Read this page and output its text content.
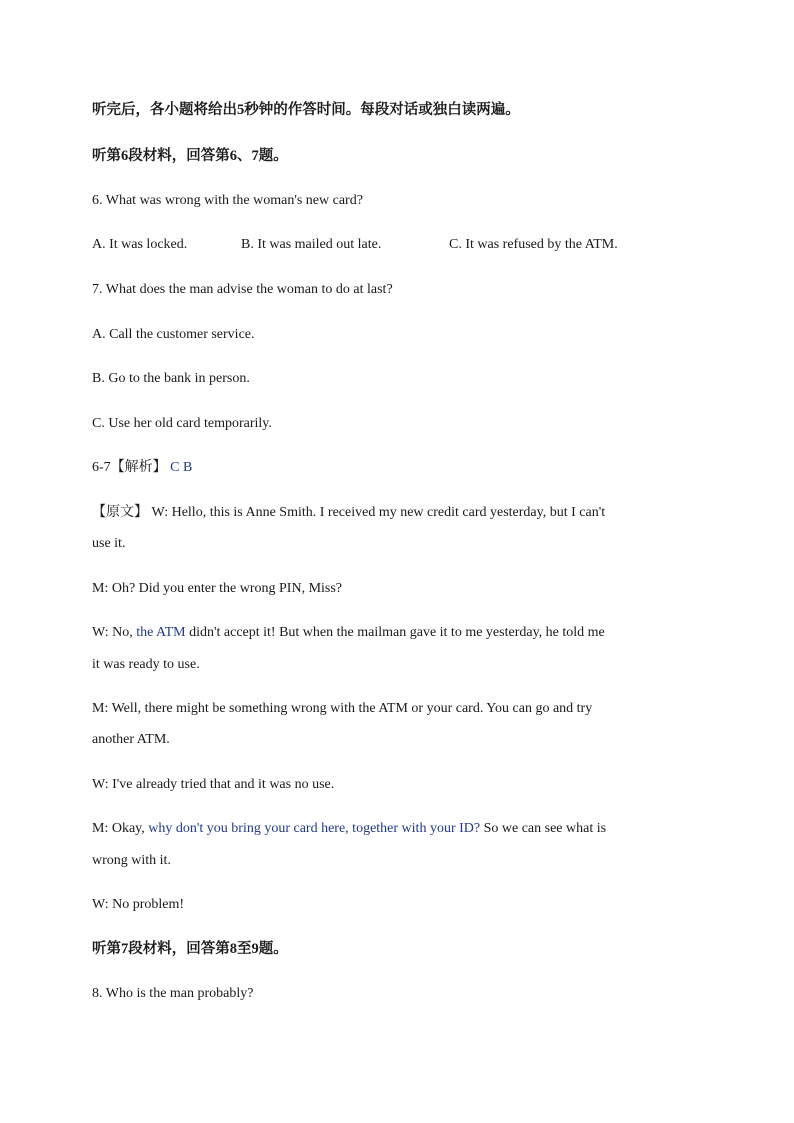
听完后，各小题将给出5秒钟的作答时间。每段对话或独白读两遍。
听第6段材料，回答第6、7题。
6. What was wrong with the woman's new card?
A. It was locked.	B. It was mailed out late.	C. It was refused by the ATM.
7. What does the man advise the woman to do at last?
A. Call the customer service.
B. Go to the bank in person.
C. Use her old card temporarily.
6-7【解析】 C B
【原文】 W: Hello, this is Anne Smith. I received my new credit card yesterday, but I can't
use it.
M: Oh? Did you enter the wrong PIN, Miss?
W: No, the ATM didn't accept it! But when the mailman gave it to me yesterday, he told me
it was ready to use.
M: Well, there might be something wrong with the ATM or your card. You can go and try
another ATM.
W: I've already tried that and it was no use.
M: Okay, why don't you bring your card here, together with your ID? So we can see what is
wrong with it.
W: No problem!
听第7段材料，回答第8至9题。
8. Who is the man probably?
